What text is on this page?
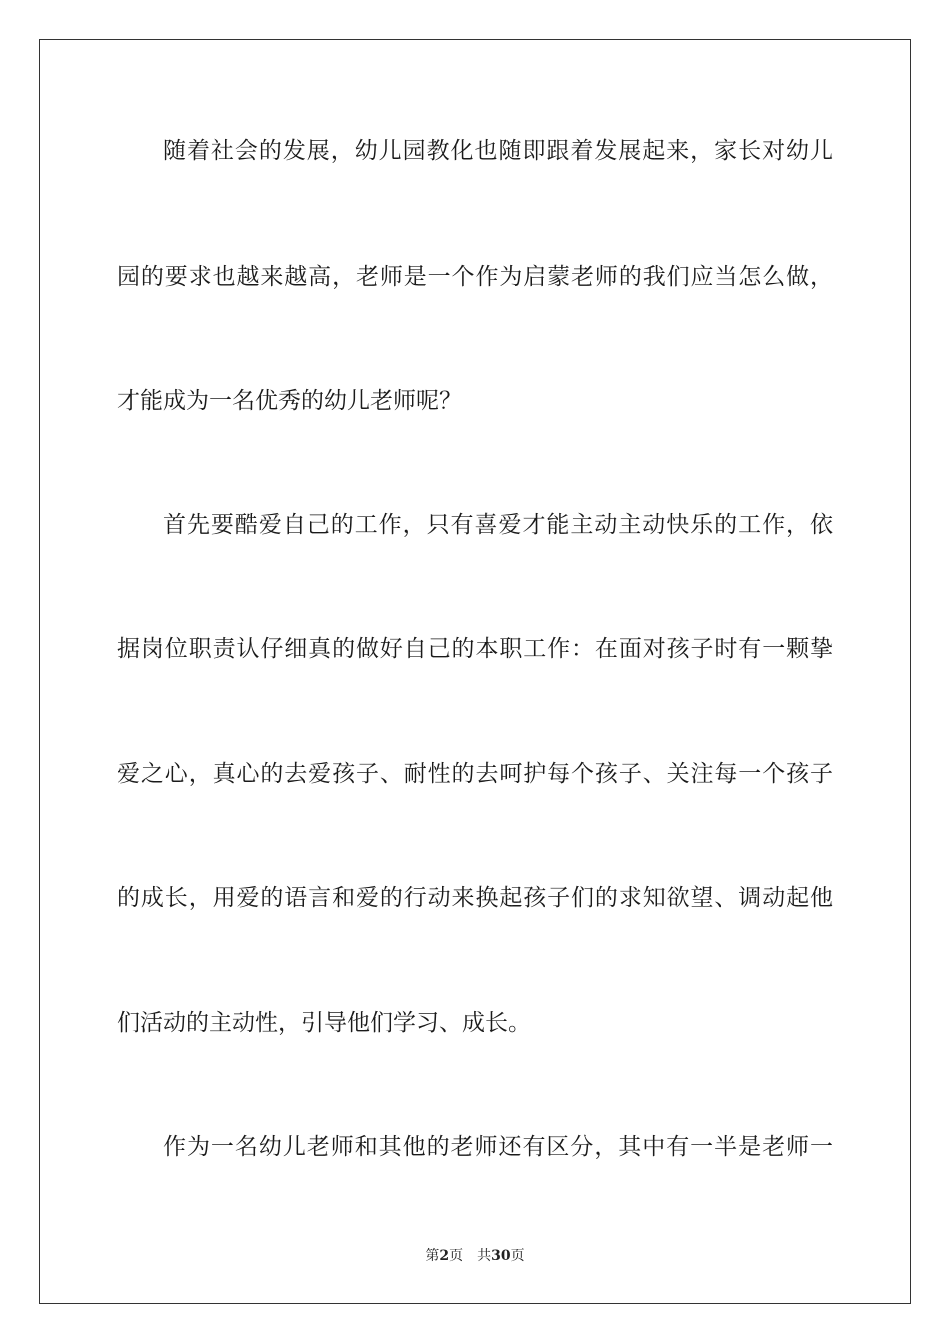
随着社会的发展，幼儿园教化也随即跟着发展起来，家长对幼儿
园的要求也越来越高，老师是一个作为启蒙老师的我们应当怎么做，
才能成为一名优秀的幼儿老师呢？
首先要酷爱自己的工作，只有喜爱才能主动主动快乐的工作，依
据岗位职责认仔细真的做好自己的本职工作：在面对孩子时有一颗挚
爱之心，真心的去爱孩子、耐性的去呵护每个孩子、关注每一个孩子
的成长，用爱的语言和爱的行动来换起孩子们的求知欲望、调动起他
们活动的主动性，引导他们学习、成长。
作为一名幼儿老师和其他的老师还有区分，其中有一半是老师一
第2页 共30页
